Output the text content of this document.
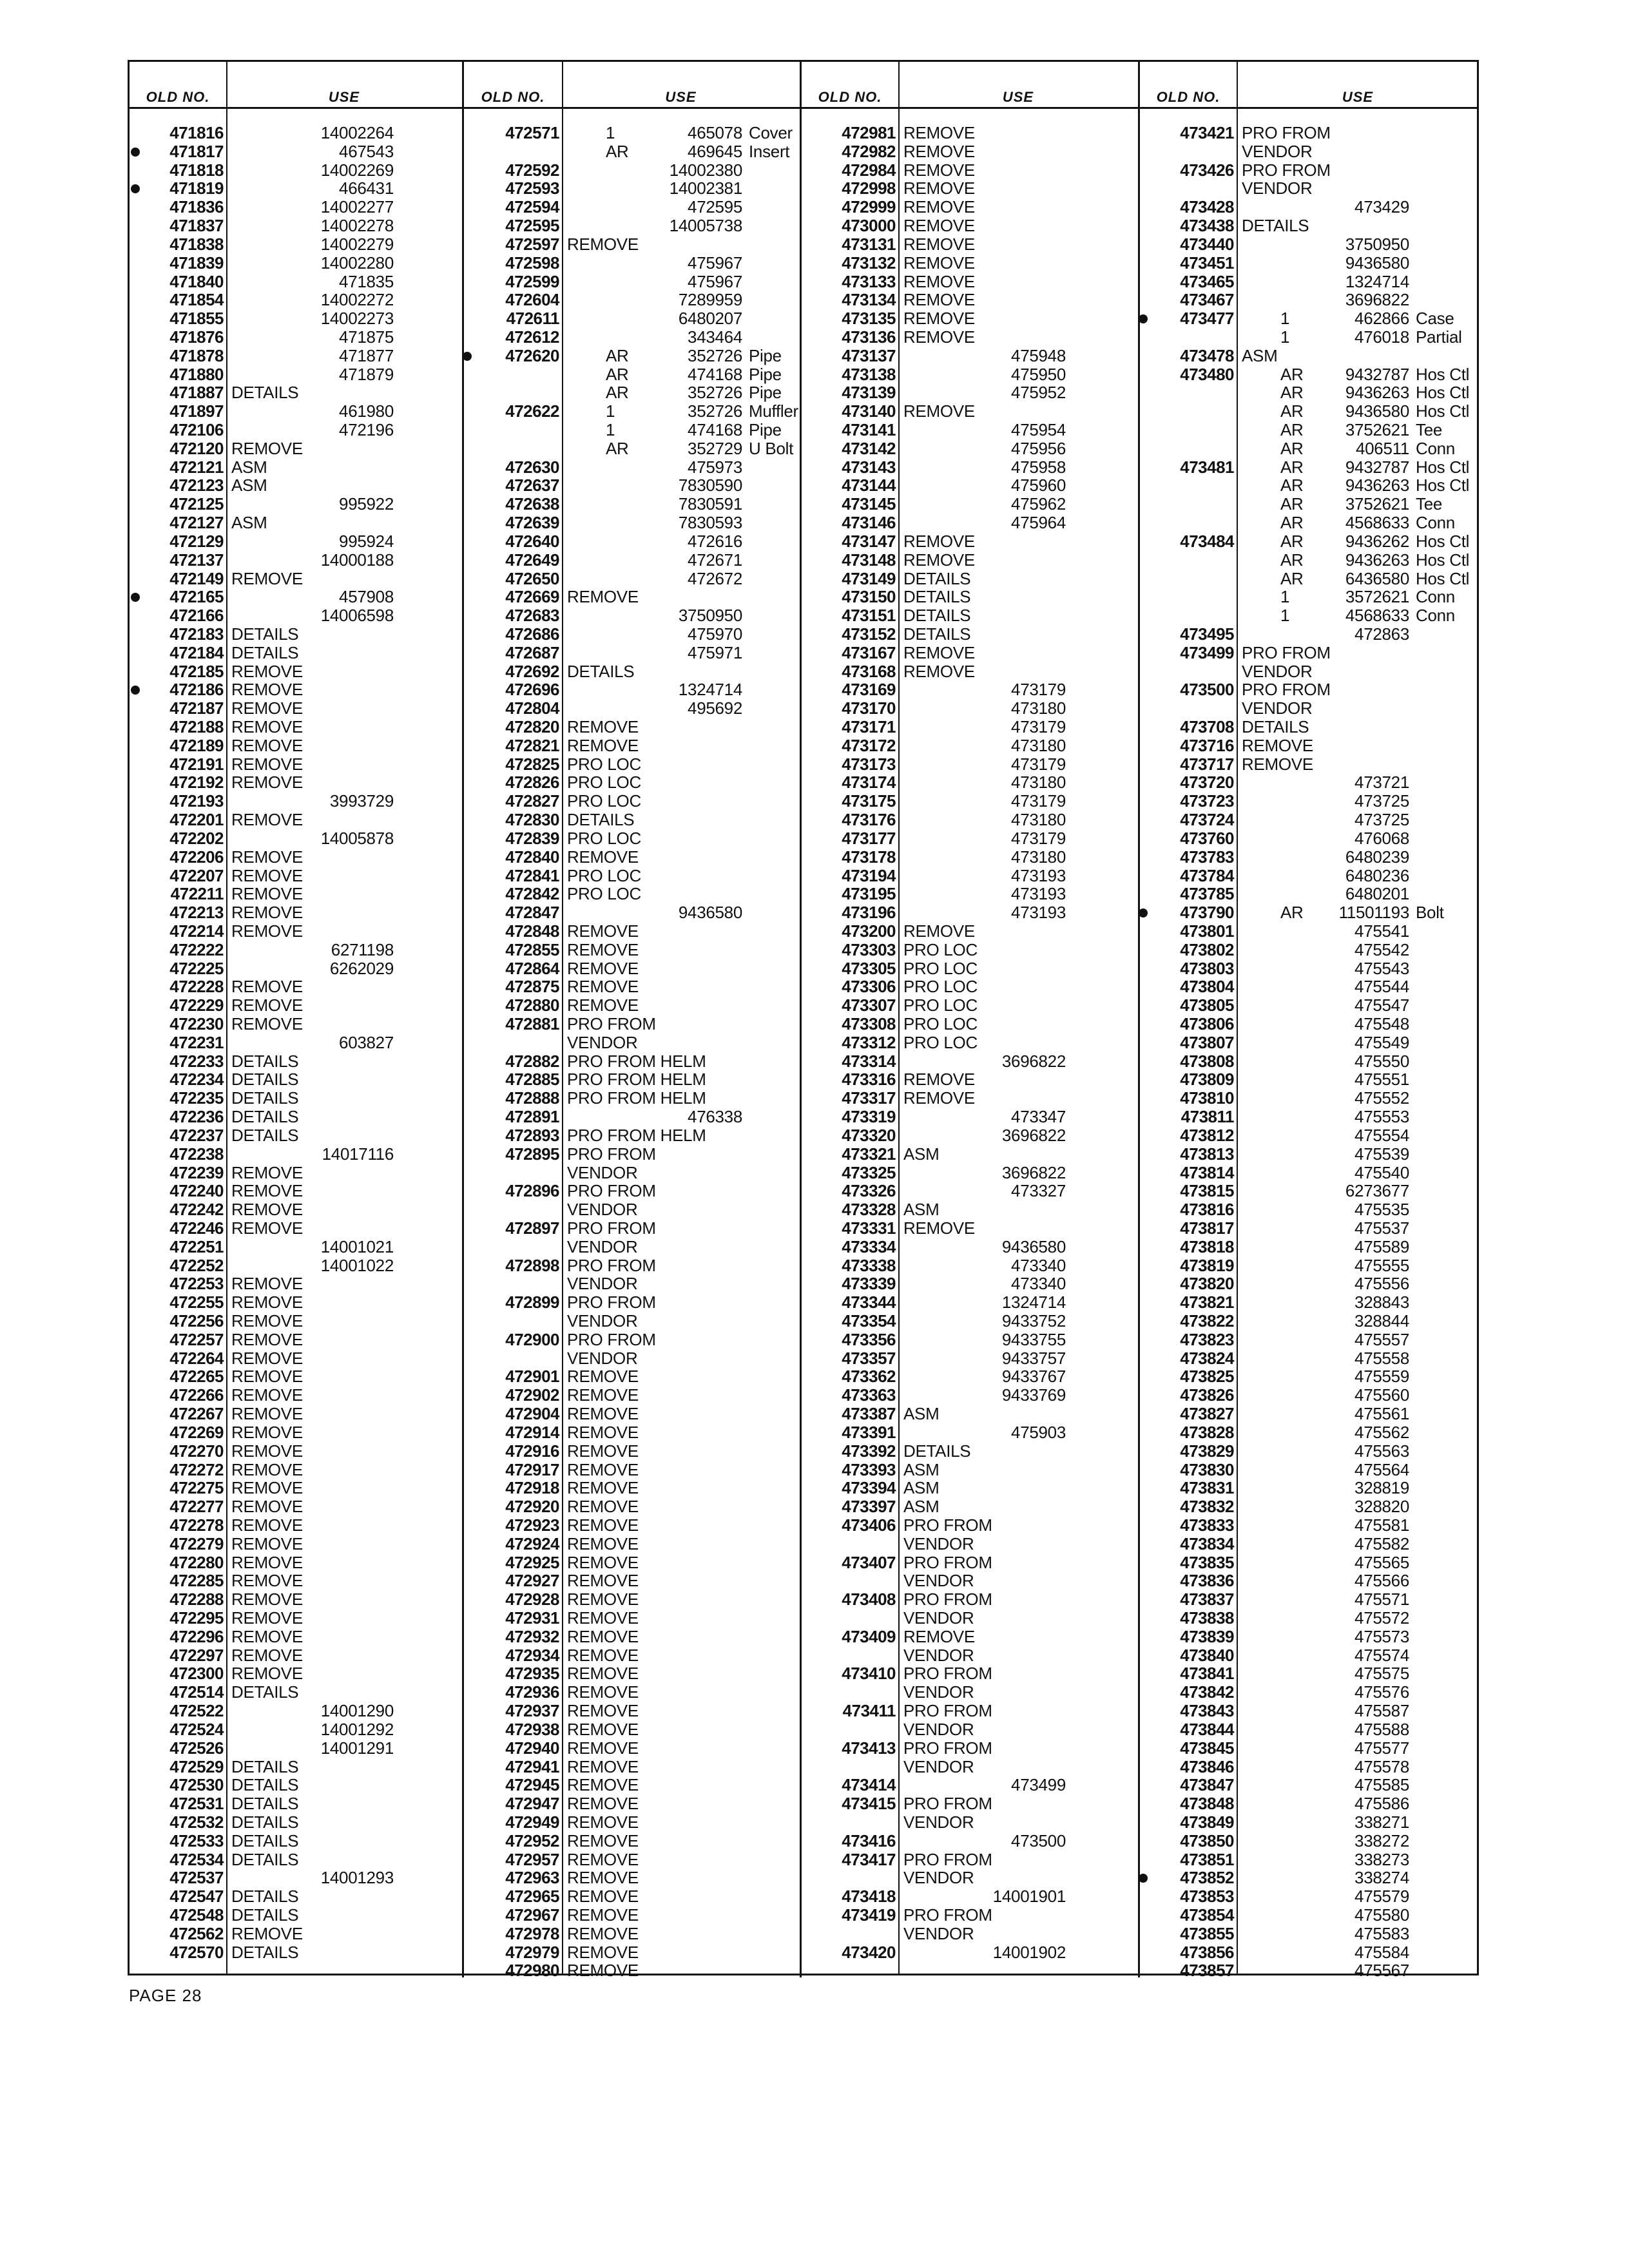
OLD NO.	USE
471816	14002264
471817	467543
471818	14002269
471819	466431
471836	14002277
471837	14002278
471838	14002279
471839	14002280
471840	471835
471854	14002272
471855	14002273
471876	471875
471878	471877
471880	471879
471887 DETAILS
471897	461980
472106	472196
472120 REMOVE
472121 ASM
472123 ASM
472125	995922
472127 ASM
472129	995924
472137	14000188
472149 REMOVE
472165	457908
472166	14006598
472183 DETAILS
472184 DETAILS
472185 REMOVE
472186 REMOVE
472187 REMOVE
472188 REMOVE
472189 REMOVE
472191 REMOVE
472192 REMOVE
472193	3993729
472201 REMOVE
472202	14005878
472206 REMOVE
472207 REMOVE
472211 REMOVE
472213 REMOVE
472214 REMOVE
472222	6271198
472225	6262029
472228 REMOVE
472229 REMOVE
472230 REMOVE
472231	603827
472233 DETAILS
472234 DETAILS
472235 DETAILS
472236 DETAILS
472237 DETAILS
472238	14017116
472239 REMOVE
472240 REMOVE
472242 REMOVE
472246 REMOVE
472251	14001021
472252	14001022
472253 REMOVE
472255 REMOVE
472256 REMOVE
472257 REMOVE
472264 REMOVE
472265 REMOVE
472266 REMOVE
472267 REMOVE
472269 REMOVE
472270 REMOVE
472272 REMOVE
472275 REMOVE
472277 REMOVE
472278 REMOVE
472279 REMOVE
472280 REMOVE
472285 REMOVE
472288 REMOVE
472295 REMOVE
472296 REMOVE
472297 REMOVE
472300 REMOVE
472514 DETAILS
472522	14001290
472524	14001292
472526	14001291
472529 DETAILS
472530 DETAILS
472531 DETAILS
472532 DETAILS
472533 DETAILS
472534 DETAILS
472537	14001293
472547 DETAILS
472548 DETAILS
472562 REMOVE
472570 DETAILS
OLD NO.	USE
472571	1	465078 Cover
AR	469645 Insert
472592	14002380
472593	14002381
472594	472595
472595	14005738
472597 REMOVE
472598	475967
472599	475967
472604	7289959
472611	6480207
472612	343464
472620	AR	352726 Pipe
AR	474168 Pipe
AR	352726 Pipe
472622	1	352726 Muffler
1	474168 Pipe
AR	352729 U Bolt
472630	475973
472637	7830590
472638	7830591
472639	7830593
472640	472616
472649	472671
472650	472672
472669 REMOVE
472683	3750950
472686	475970
472687	475971
472692 DETAILS
472696	1324714
472804	495692
472820 REMOVE
472821 REMOVE
472825 PRO LOC
472826 PRO LOC
472827 PRO LOC
472830 DETAILS
472839 PRO LOC
472840 REMOVE
472841 PRO LOC
472842 PRO LOC
472847	9436580
472848 REMOVE
472855 REMOVE
472864 REMOVE
472875 REMOVE
472880 REMOVE
472881 PRO FROM
VENDOR
472882 PRO FROM HELM
472885 PRO FROM HELM
472888 PRO FROM HELM
472891	476338
472893 PRO FROM HELM
472895 PRO FROM
VENDOR
472896 PRO FROM
VENDOR
472897 PRO FROM
VENDOR
472898 PRO FROM
VENDOR
472899 PRO FROM
VENDOR
472900 PRO FROM
VENDOR
472901 REMOVE
472902 REMOVE
472904 REMOVE
472914 REMOVE
472916 REMOVE
472917 REMOVE
472918 REMOVE
472920 REMOVE
472923 REMOVE
472924 REMOVE
472925 REMOVE
472927 REMOVE
472928 REMOVE
472931 REMOVE
472932 REMOVE
472934 REMOVE
472935 REMOVE
472936 REMOVE
472937 REMOVE
472938 REMOVE
472940 REMOVE
472941 REMOVE
472945 REMOVE
472947 REMOVE
472949 REMOVE
472952 REMOVE
472957 REMOVE
472963 REMOVE
472965 REMOVE
472967 REMOVE
472978 REMOVE
472979 REMOVE
472980 REMOVE
OLD NO.	USE
472981 REMOVE
472982 REMOVE
472984 REMOVE
472998 REMOVE
472999 REMOVE
473000 REMOVE
473131 REMOVE
473132 REMOVE
473133 REMOVE
473134 REMOVE
473135 REMOVE
473136 REMOVE
473137	475948
473138	475950
473139	475952
473140 REMOVE
473141	475954
473142	475956
473143	475958
473144	475960
473145	475962
473146	475964
473147 REMOVE
473148 REMOVE
473149 DETAILS
473150 DETAILS
473151 DETAILS
473152 DETAILS
473167 REMOVE
473168 REMOVE
473169	473179
473170	473180
473171	473179
473172	473180
473173	473179
473174	473180
473175	473179
473176	473180
473177	473179
473178	473180
473194	473193
473195	473193
473196	473193
473200 REMOVE
473303 PRO LOC
473305 PRO LOC
473306 PRO LOC
473307 PRO LOC
473308 PRO LOC
473312 PRO LOC
473314	3696822
473316 REMOVE
473317 REMOVE
473319	473347
473320	3696822
473321 ASM
473325	3696822
473326	473327
473328 ASM
473331 REMOVE
473334	9436580
473338	473340
473339	473340
473344	1324714
473354	9433752
473356	9433755
473357	9433757
473362	9433767
473363	9433769
473387 ASM
473391	475903
473392 DETAILS
473393 ASM
473394 ASM
473397 ASM
473406 PRO FROM
VENDOR
473407 PRO FROM
VENDOR
473408 PRO FROM
VENDOR
473409 REMOVE
VENDOR
473410 PRO FROM
VENDOR
473411 PRO FROM
VENDOR
473413 PRO FROM
VENDOR
473414	473499
473415 PRO FROM
VENDOR
473416	473500
473417 PRO FROM
VENDOR
473418	14001901
473419 PRO FROM
VENDOR
473420	14001902
OLD NO.	USE
473421 PRO FROM
VENDOR
473426 PRO FROM
VENDOR
473428	473429
473438 DETAILS
473440	3750950
473451	9436580
473465	1324714
473467	3696822
473477	1	462866 Case
1	476018 Partial
473478 ASM
473480	AR	9432787 Hos Ctl
AR	9436263 Hos Ctl
AR	9436580 Hos Ctl
AR	3752621 Tee
AR	406511 Conn
473481	AR	9432787 Hos Ctl
AR	9436263 Hos Ctl
AR	3752621 Tee
AR	4568633 Conn
473484	AR	9436262 Hos Ctl
AR	9436263 Hos Ctl
AR	6436580 Hos Ctl
1	3572621 Conn
1	4568633 Conn
473495	472863
473499 PRO FROM
VENDOR
473500 PRO FROM
VENDOR
473708 DETAILS
473716 REMOVE
473717 REMOVE
473720	473721
473723	473725
473724	473725
473760	476068
473783	6480239
473784	6480236
473785	6480201
473790	AR 11501193 Bolt
473801	475541
473802	475542
473803	475543
473804	475544
473805	475547
473806	475548
473807	475549
473808	475550
473809	475551
473810	475552
473811	475553
473812	475554
473813	475539
473814	475540
473815	6273677
473816	475535
473817	475537
473818	475589
473819	475555
473820	475556
473821	328843
473822	328844
473823	475557
473824	475558
473825	475559
473826	475560
473827	475561
473828	475562
473829	475563
473830	475564
473831	328819
473832	328820
473833	475581
473834	475582
473835	475565
473836	475566
473837	475571
473838	475572
473839	475573
473840	475574
473841	475575
473842	475576
473843	475587
473844	475588
473845	475577
473846	475578
473847	475585
473848	475586
473849	338271
473850	338272
473851	338273
473852	338274
473853	475579
473854	475580
473855	475583
473856	475584
473857	475567
PAGE 28
